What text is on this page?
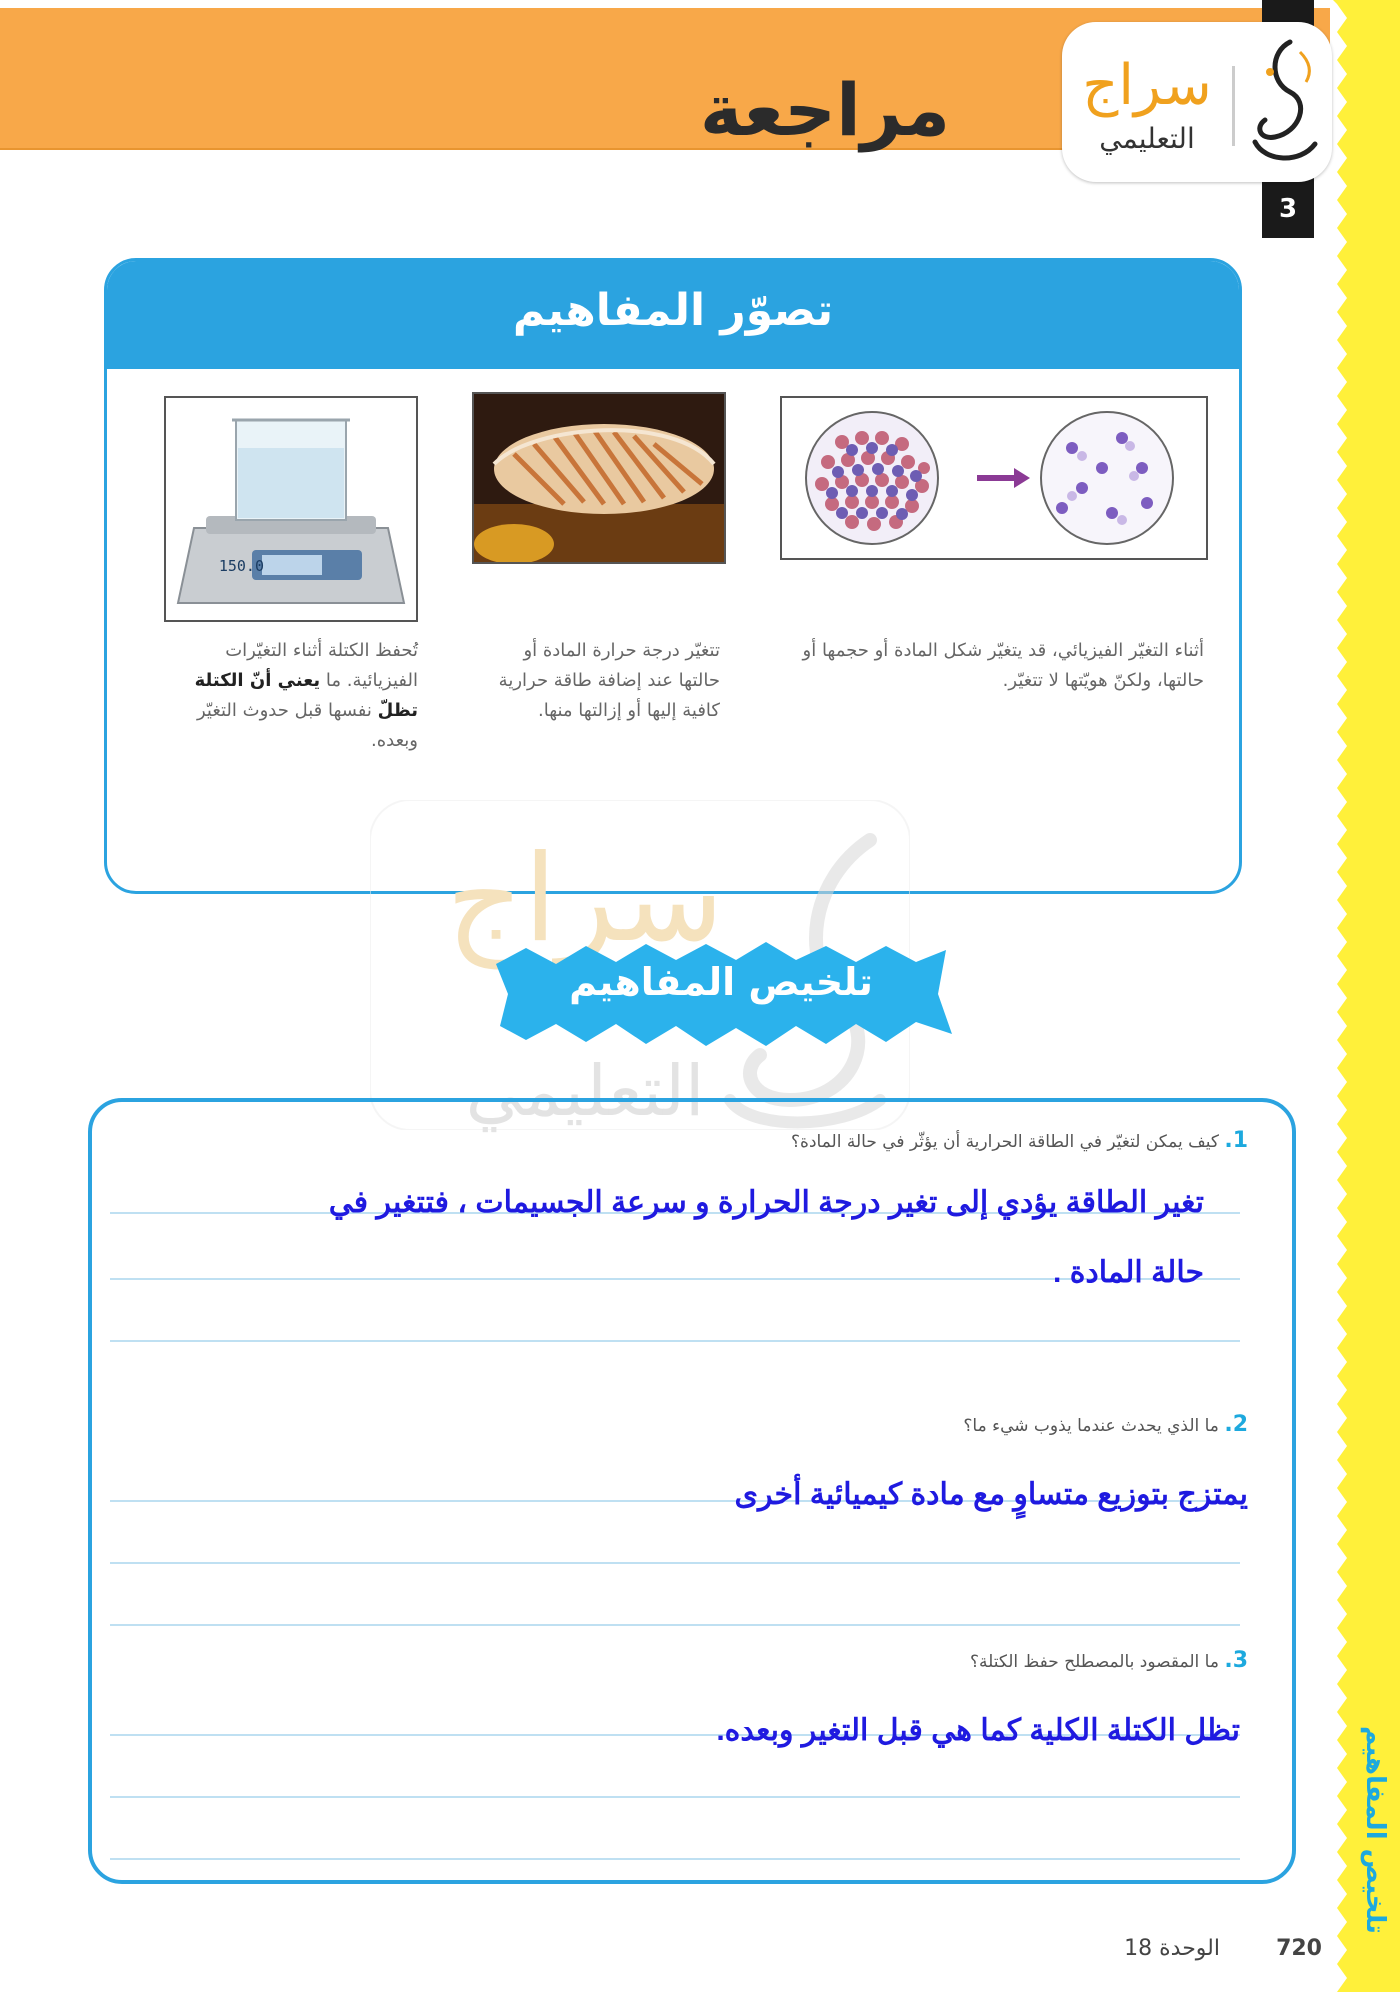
تلخيص المفاهيم
مراجعة
3
سراج
التعليمي
تصوّر المفاهيم
أثناء التغيّر الفيزيائي، قد يتغيّر شكل المادة أو حجمها أو حالتها، ولكنّ هويّتها لا تتغيّر.
تتغيّر درجة حرارة المادة أو حالتها عند إضافة طاقة حرارية كافية إليها أو إزالتها منها.
150.0
تُحفظ الكتلة أثناء التغيّرات الفيزيائية. ما يعني أنّ الكتلة تظلّ نفسها قبل حدوث التغيّر وبعده.
سراج
التعليمي
تلخيص المفاهيم
1. كيف يمكن لتغيّر في الطاقة الحرارية أن يؤثّر في حالة المادة؟
تغير الطاقة يؤدي إلى تغير درجة الحرارة و سرعة الجسيمات ، فتتغير في
حالة المادة .
2. ما الذي يحدث عندما يذوب شيء ما؟
يمتزج بتوزيع متساوٍ مع مادة كيميائية أخرى
3. ما المقصود بالمصطلح حفظ الكتلة؟
تظل الكتلة الكلية كما هي قبل التغير وبعده.
الوحدة 18	720
